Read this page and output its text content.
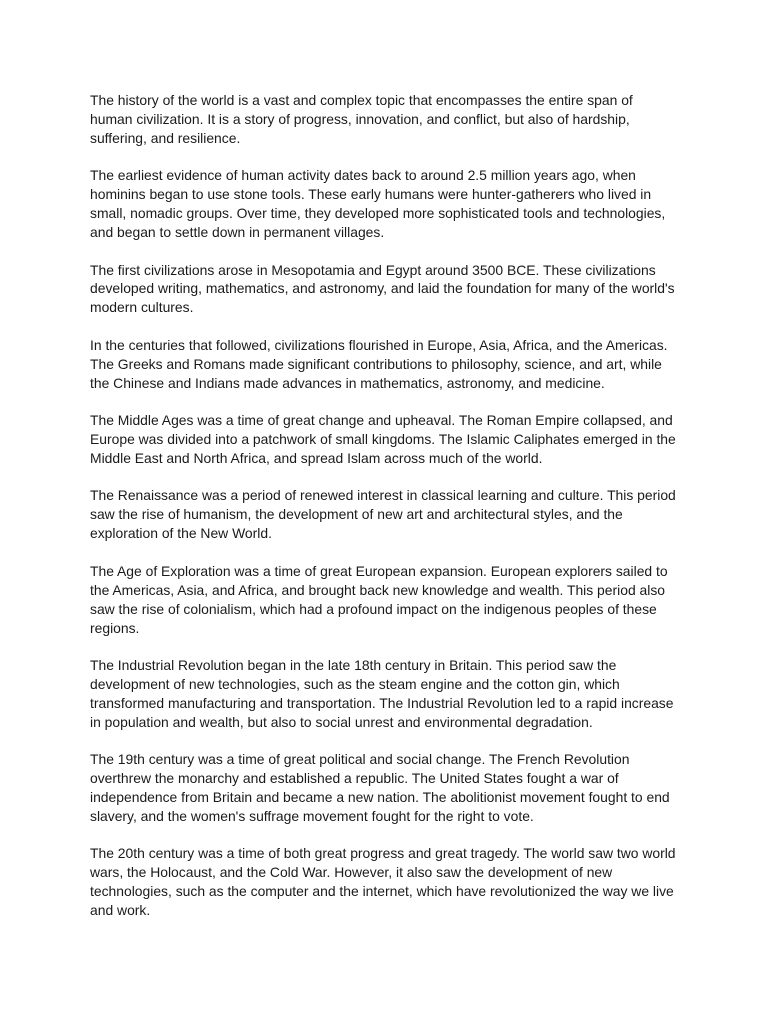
The history of the world is a vast and complex topic that encompasses the entire span of human civilization. It is a story of progress, innovation, and conflict, but also of hardship, suffering, and resilience.

The earliest evidence of human activity dates back to around 2.5 million years ago, when hominins began to use stone tools. These early humans were hunter-gatherers who lived in small, nomadic groups. Over time, they developed more sophisticated tools and technologies, and began to settle down in permanent villages.

The first civilizations arose in Mesopotamia and Egypt around 3500 BCE. These civilizations developed writing, mathematics, and astronomy, and laid the foundation for many of the world's modern cultures.

In the centuries that followed, civilizations flourished in Europe, Asia, Africa, and the Americas. The Greeks and Romans made significant contributions to philosophy, science, and art, while the Chinese and Indians made advances in mathematics, astronomy, and medicine.

The Middle Ages was a time of great change and upheaval. The Roman Empire collapsed, and Europe was divided into a patchwork of small kingdoms. The Islamic Caliphates emerged in the Middle East and North Africa, and spread Islam across much of the world.

The Renaissance was a period of renewed interest in classical learning and culture. This period saw the rise of humanism, the development of new art and architectural styles, and the exploration of the New World.

The Age of Exploration was a time of great European expansion. European explorers sailed to the Americas, Asia, and Africa, and brought back new knowledge and wealth. This period also saw the rise of colonialism, which had a profound impact on the indigenous peoples of these regions.

The Industrial Revolution began in the late 18th century in Britain. This period saw the development of new technologies, such as the steam engine and the cotton gin, which transformed manufacturing and transportation. The Industrial Revolution led to a rapid increase in population and wealth, but also to social unrest and environmental degradation.

The 19th century was a time of great political and social change. The French Revolution overthrew the monarchy and established a republic. The United States fought a war of independence from Britain and became a new nation. The abolitionist movement fought to end slavery, and the women's suffrage movement fought for the right to vote.

The 20th century was a time of both great progress and great tragedy. The world saw two world wars, the Holocaust, and the Cold War. However, it also saw the development of new technologies, such as the computer and the internet, which have revolutionized the way we live and work.
